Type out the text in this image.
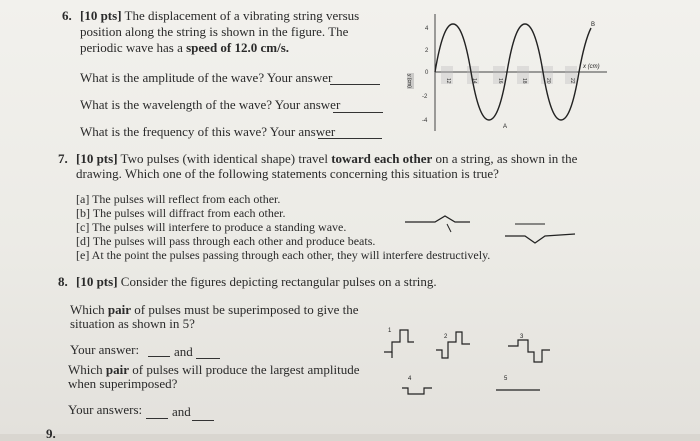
6. [10 pts] The displacement of a vibrating string versus
position along the string is shown in the figure. The
periodic wave has a speed of 12.0 cm/s.
What is the amplitude of the wave? Your answer
What is the wavelength of the wave? Your answer
What is the frequency of this wave? Your answer
4
2
0
-2
-4
y (cm)	12	14	16	18	20	22
x (cm)
A
B
7. [10 pts] Two pulses (with identical shape) travel toward each other on a string, as shown in the
drawing. Which one of the following statements concerning this situation is true?
[a] The pulses will reflect from each other.
[b] The pulses will diffract from each other.
[c] The pulses will interfere to produce a standing wave.
[d] The pulses will pass through each other and produce beats.
[e] At the point the pulses passing through each other, they will interfere destructively.
8. [10 pts] Consider the figures depicting rectangular pulses on a string.
Which pair of pulses must be superimposed to give the
situation as shown in 5?
Your answer:	and
Which pair of pulses will produce the largest amplitude
when superimposed?
Your answers: and
1
2	3
4	5
9.
